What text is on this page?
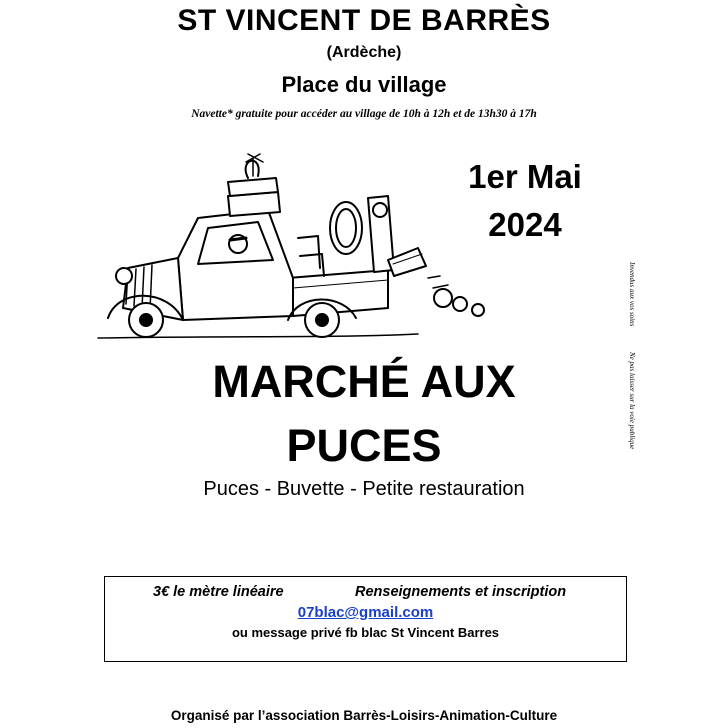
ST VINCENT DE BARRÈS
(Ardèche)
Place du village
Navette* gratuite pour accéder au village de 10h à 12h et de 13h30 à 17h
1er Mai
2024
Invendus aux vos soins  Ne pas laisser sur la voie publique
MARCHÉ AUX
PUCES
Puces - Buvette - Petite restauration
3€ le mètre linéaire	Renseignements et inscription
07blac@gmail.com
ou message privé fb blac St Vincent Barres
Organisé par l’association Barrès-Loisirs-Animation-Culture
